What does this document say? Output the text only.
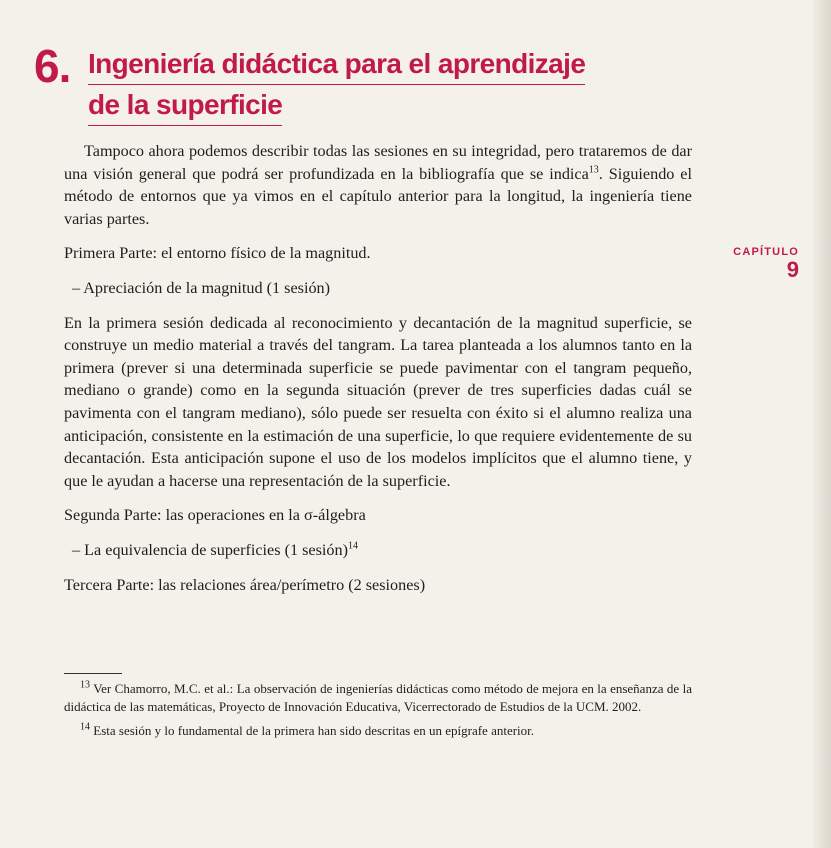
6. Ingeniería didáctica para el aprendizaje
de la superficie
CAPÍTULO
9

Tampoco ahora podemos describir todas las sesiones en su integridad, pero trataremos de dar una visión general que podrá ser profundizada en la bibliografía que se indica$^{13}$. Siguiendo el método de entornos que ya vimos en el capítulo anterior para la longitud, la ingeniería tiene varias partes.

Primera Parte: el entorno físico de la magnitud.

– Apreciación de la magnitud (1 sesión)

En la primera sesión dedicada al reconocimiento y decantación de la magnitud superficie, se construye un medio material a través del tangram. La tarea planteada a los alumnos tanto en la primera (prever si una determinada superficie se puede pavimentar con el tangram pequeño, mediano o grande) como en la segunda situación (prever de tres superficies dadas cuál se pavimenta con el tangram mediano), sólo puede ser resuelta con éxito si el alumno realiza una anticipación, consistente en la estimación de una superficie, lo que requiere evidentemente de su decantación. Esta anticipación supone el uso de los modelos implícitos que el alumno tiene, y que le ayudan a hacerse una representación de la superficie.

Segunda Parte: las operaciones en la σ-álgebra

– La equivalencia de superficies (1 sesión)$^{14}$

Tercera Parte: las relaciones área/perímetro (2 sesiones)

$^{13}$ Ver Chamorro, M.C. et al.: La observación de ingenierías didácticas como método de mejora en la enseñanza de la didáctica de las matemáticas, Proyecto de Innovación Educativa, Vicerrectorado de Estudios de la UCM. 2002.

$^{14}$ Esta sesión y lo fundamental de la primera han sido descritas en un epígrafe anterior.
